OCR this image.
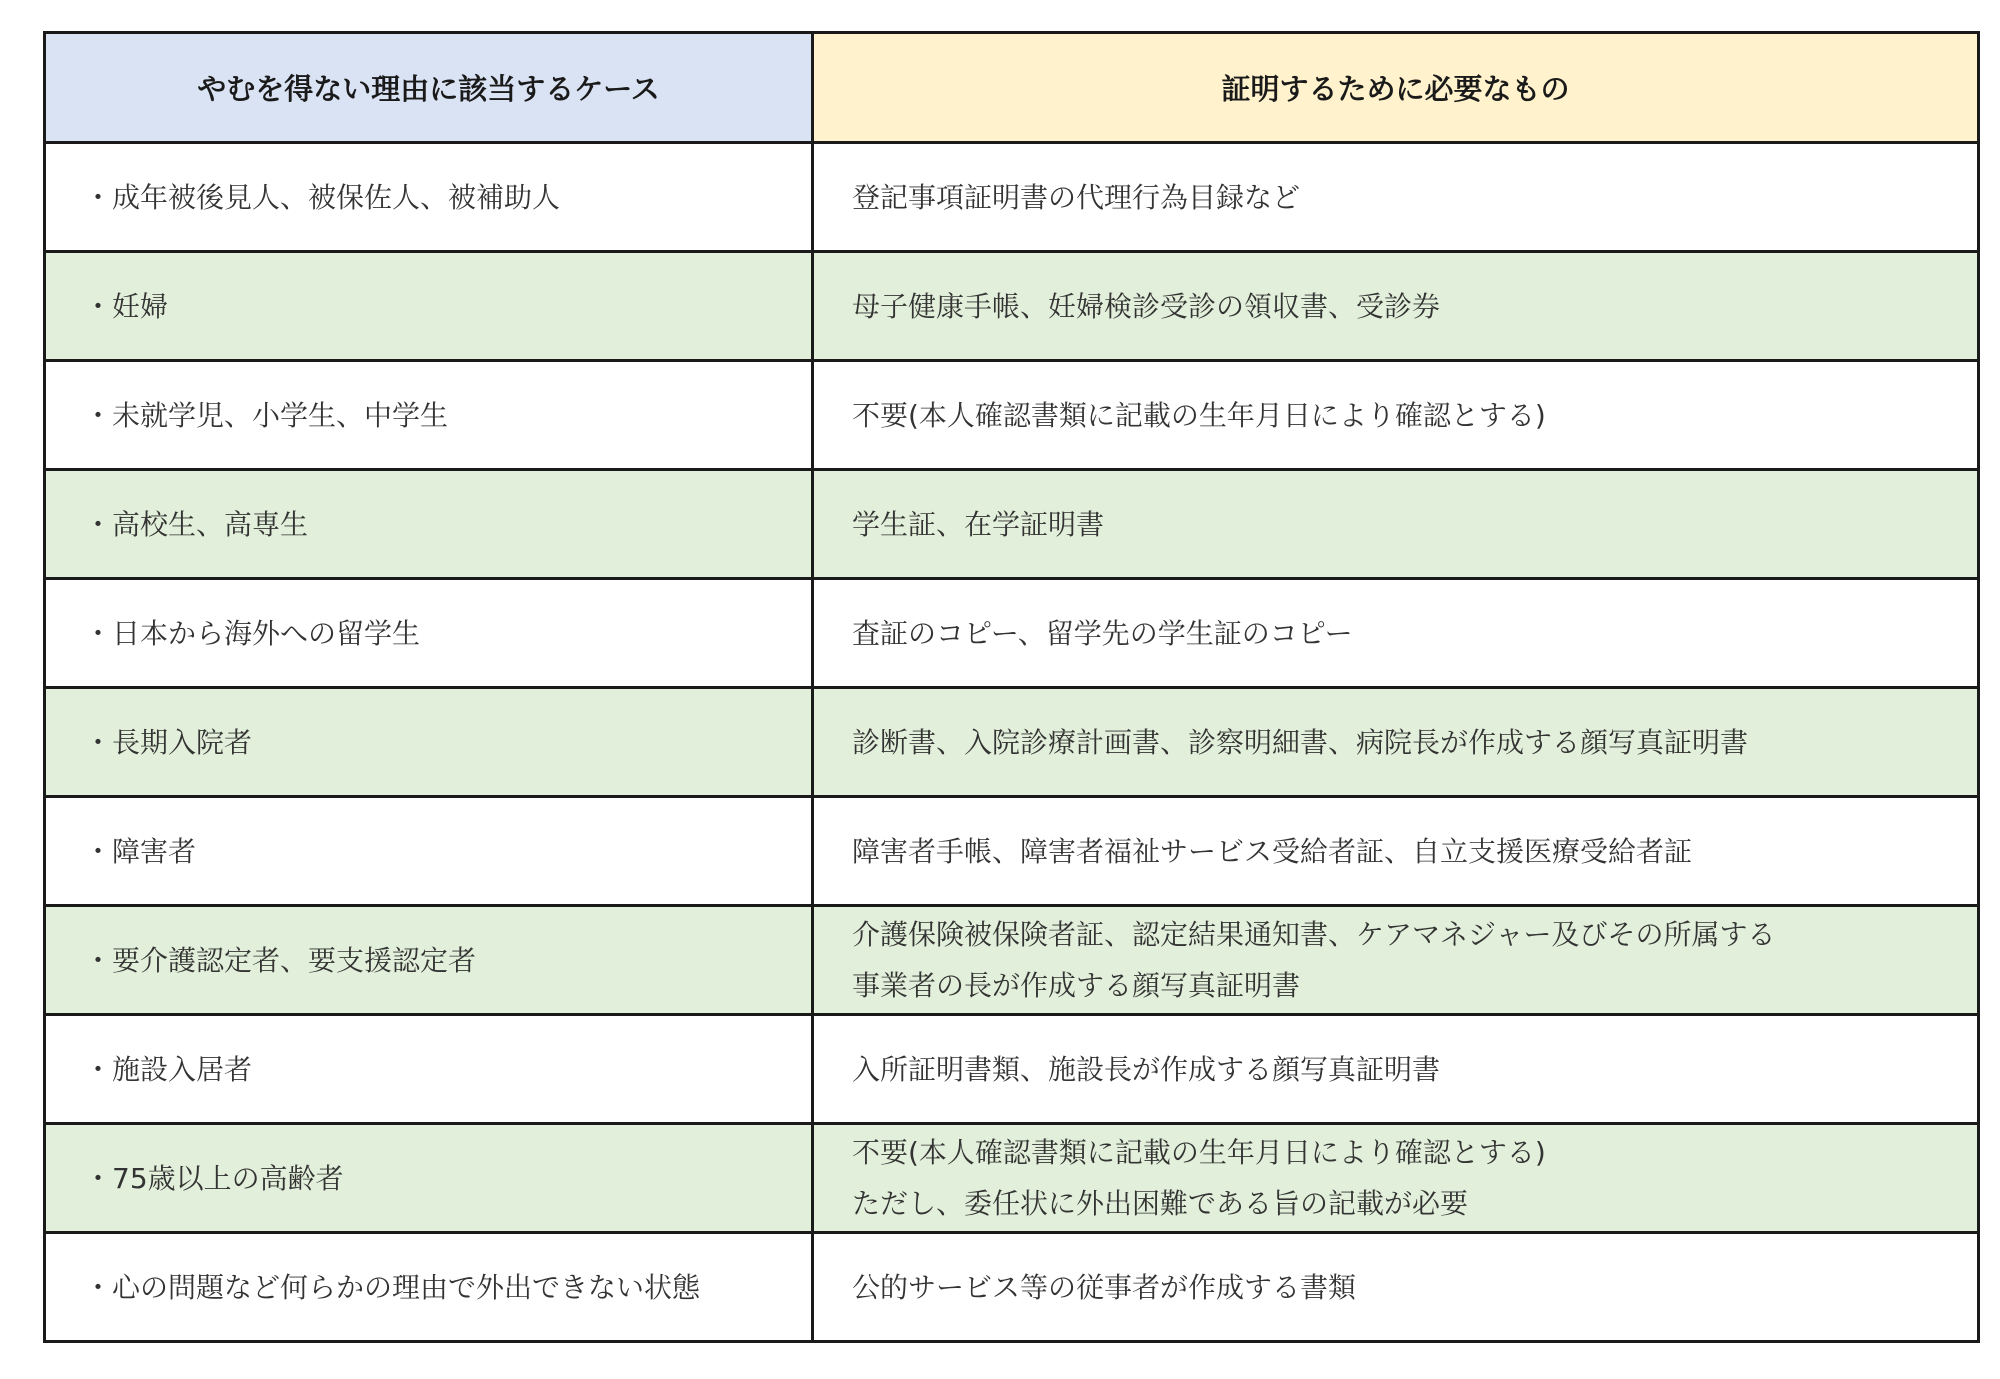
やむを得ない理由に該当するケース	証明するために必要なもの
・成年被後見人、被保佐人、被補助人	登記事項証明書の代理行為目録など
・妊婦	母子健康手帳、妊婦検診受診の領収書、受診券
・未就学児、小学生、中学生	不要(本人確認書類に記載の生年月日により確認とする)
・高校生、高専生	学生証、在学証明書
・日本から海外への留学生	査証のコピー、留学先の学生証のコピー
・長期入院者	診断書、入院診療計画書、診察明細書、病院長が作成する顔写真証明書
・障害者	障害者手帳、障害者福祉サービス受給者証、自立支援医療受給者証
・要介護認定者、要支援認定者	介護保険被保険者証、認定結果通知書、ケアマネジャー及びその所属する
事業者の長が作成する顔写真証明書
・施設入居者	入所証明書類、施設長が作成する顔写真証明書
・75歳以上の高齢者	不要(本人確認書類に記載の生年月日により確認とする)
ただし、委任状に外出困難である旨の記載が必要
・心の問題など何らかの理由で外出できない状態	公的サービス等の従事者が作成する書類
